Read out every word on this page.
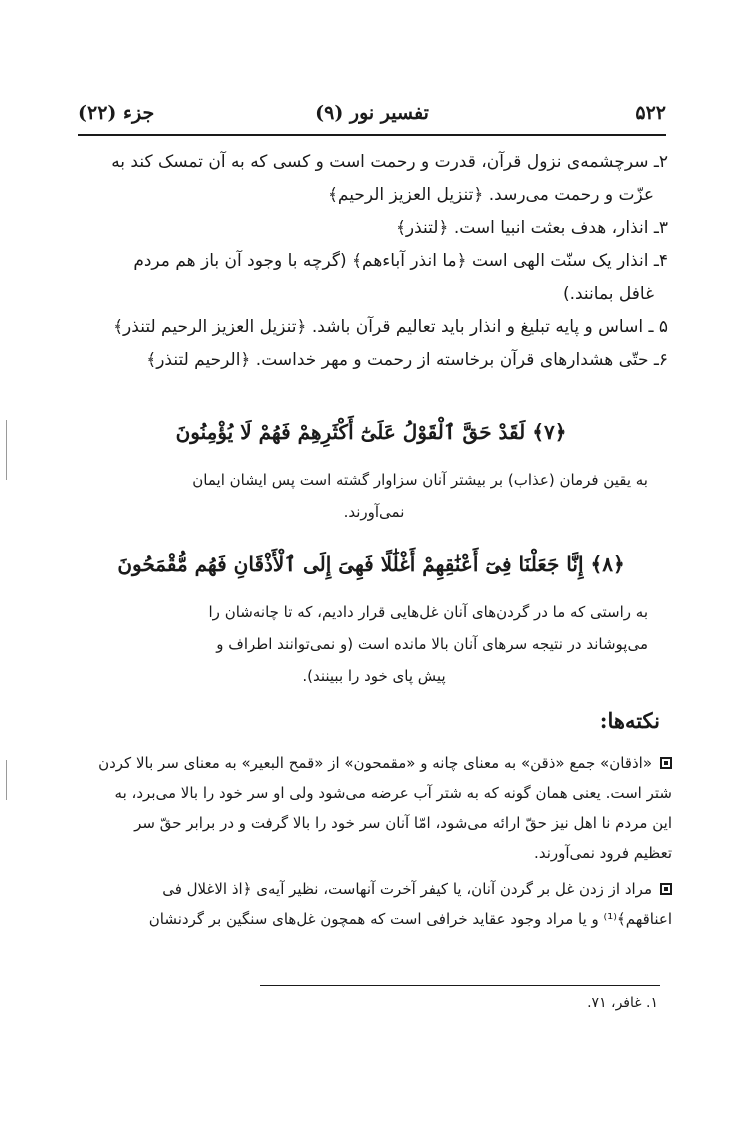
۵۲۲
تفسیر نور (۹)
جزء (۲۲)

۲ـ سرچشمه‌ی نزول قرآن، قدرت و رحمت است و کسی که به آن تمسک کند به

عزّت و رحمت می‌رسد. ﴿تنزیل العزیز الرحیم﴾

۳ـ انذار، هدف بعثت انبیا است. ﴿لتنذر﴾

۴ـ انذار یک سنّت الهی است ﴿ما انذر آباءهم﴾ (گرچه با وجود آن باز هم مردم

غافل بمانند.)

۵ ـ اساس و پایه تبلیغ و انذار باید تعالیم قرآن باشد. ﴿تنزیل العزیز الرحیم لتنذر﴾

۶ـ حتّی هشدارهای قرآن برخاسته از رحمت و مهر خداست. ﴿الرحیم لتنذر﴾

﴿۷﴾ لَقَدْ حَقَّ ٱلْقَوْلُ عَلَىٰٓ أَكْثَرِهِمْ فَهُمْ لَا يُؤْمِنُونَ

به یقین فرمان (عذاب) بر بیشتر آنان سزاوار گشته است پس ایشان ایمان

نمی‌آورند.

﴿۸﴾ إِنَّا جَعَلْنَا فِىٓ أَعْنَٰقِهِمْ أَغْلَٰلًا فَهِىَ إِلَى ٱلْأَذْقَانِ فَهُم مُّقْمَحُونَ

به راستی که ما در گردن‌های آنان غل‌هایی قرار دادیم، که تا چانه‌شان را

می‌پوشاند در نتیجه سرهای آنان بالا مانده است (و نمی‌توانند اطراف و

پیش پای خود را ببینند).

نکته‌ها:
«اذقان» جمع «ذقن» به معنای چانه و «مقمحون» از «قمح البعیر» به معنای سر بالا کردن

شتر است. یعنی همان گونه که به شتر آب عرضه می‌شود ولی او سر خود را بالا می‌برد، به

این مردم نا اهل نیز حقّ ارائه می‌شود، امّا آنان سر خود را بالا گرفت و در برابر حقّ سر

تعظیم فرود نمی‌آورند.

مراد از زدن غل بر گردن آنان، یا کیفر آخرت آنهاست، نظیر آیه‌ی ﴿اذ الاغلال فی

اعناقهم﴾⁽¹⁾ و یا مراد وجود عقاید خرافی است که همچون غل‌های سنگین بر گردنشان

۱. غافر، ۷۱.
